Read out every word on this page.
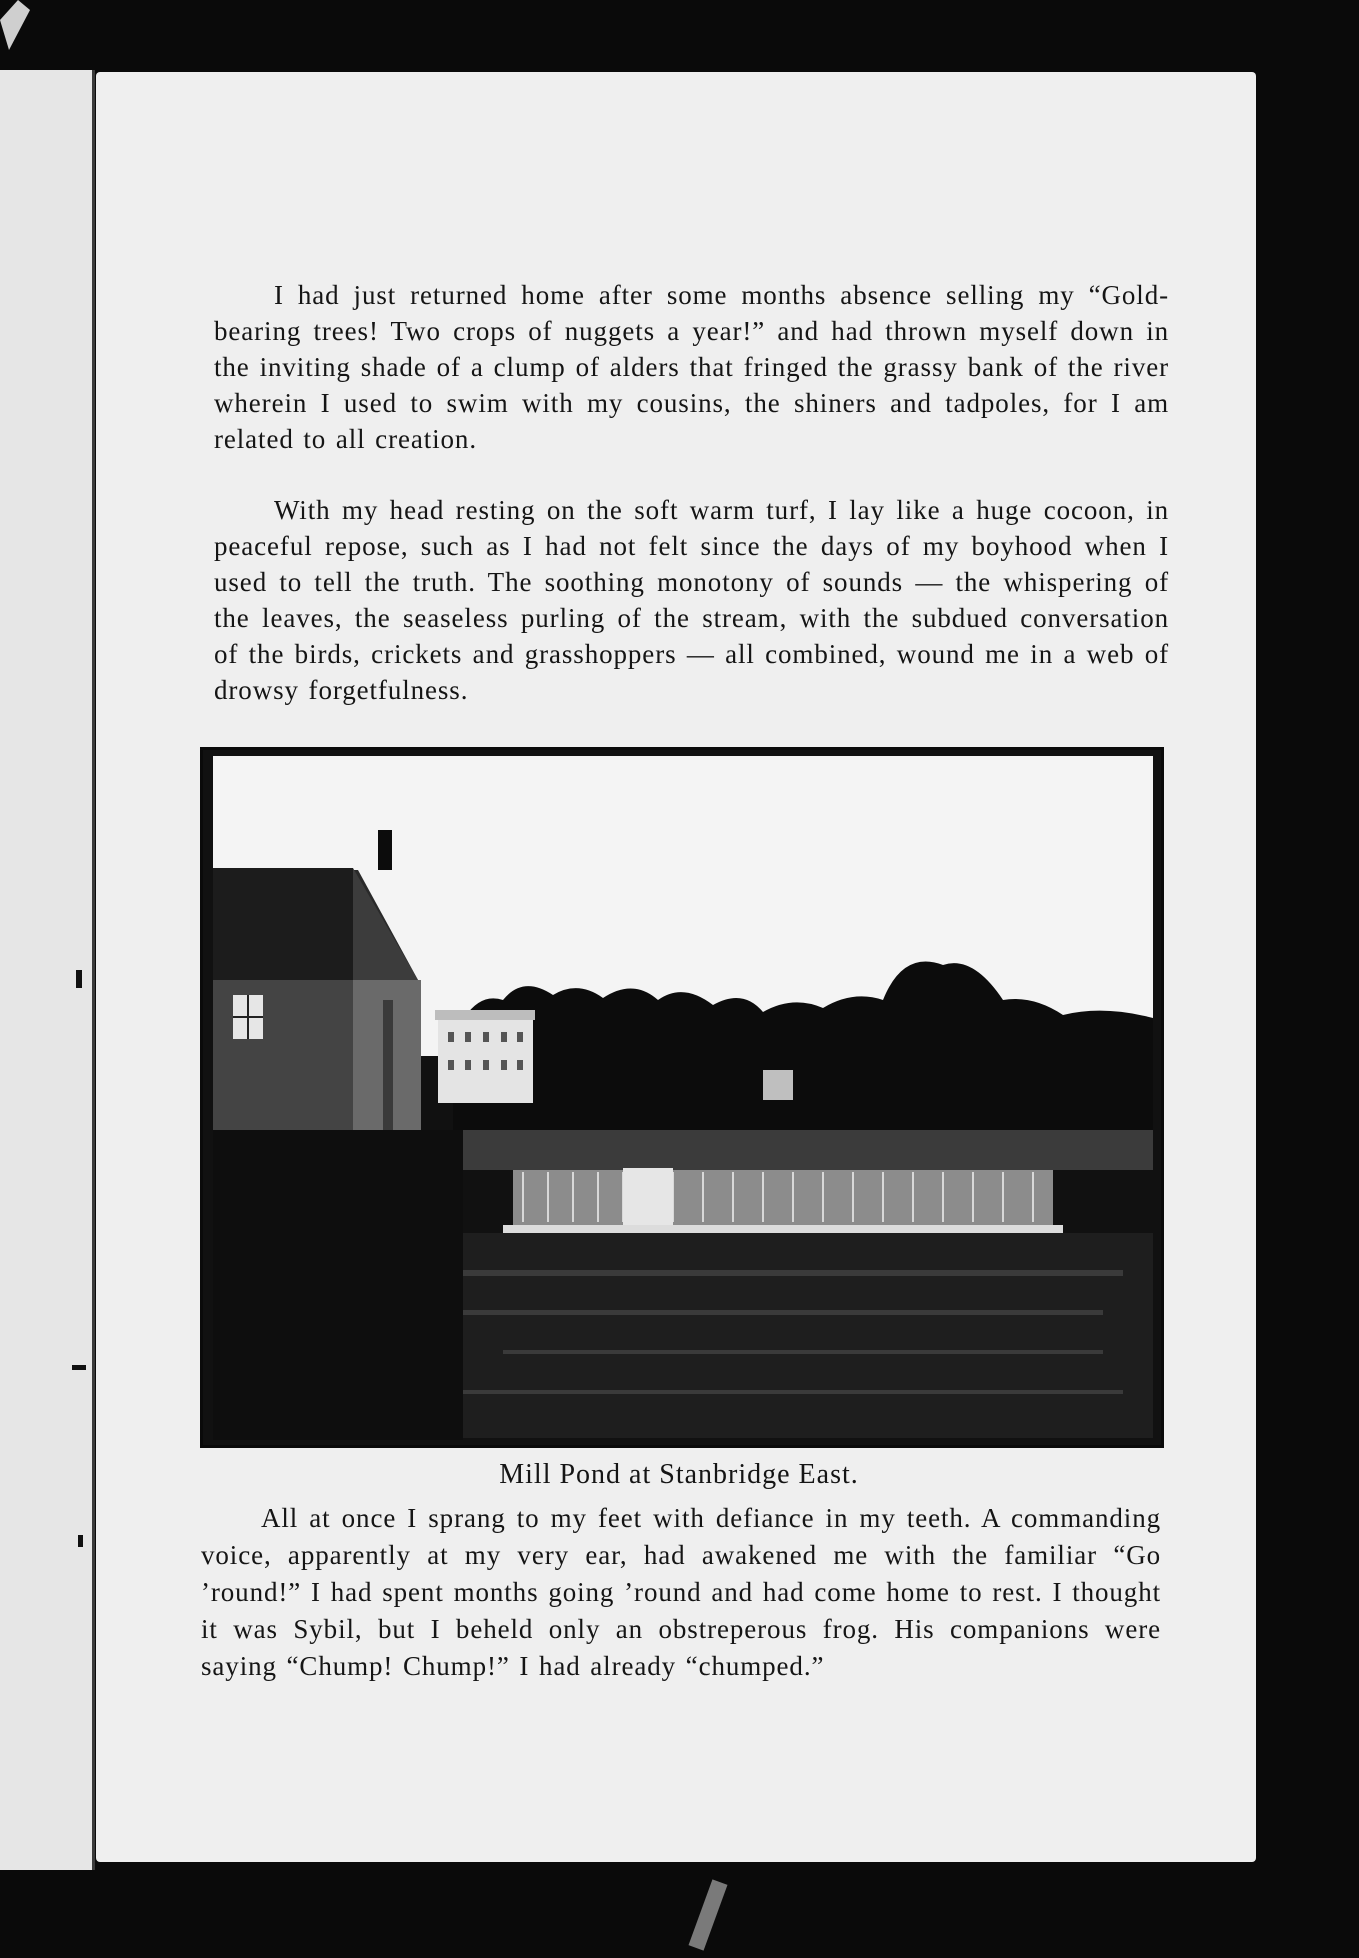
I had just returned home after some months absence selling my “Gold-bearing trees! Two crops of nuggets a year!” and had thrown myself down in the inviting shade of a clump of alders that fringed the grassy bank of the river wherein I used to swim with my cousins, the shiners and tadpoles, for I am related to all creation.

With my head resting on the soft warm turf, I lay like a huge cocoon, in peaceful repose, such as I had not felt since the days of my boyhood when I used to tell the truth. The soothing monotony of sounds — the whispering of the leaves, the seaseless purling of the stream, with the subdued conversation of the birds, crickets and grasshoppers — all combined, wound me in a web of drowsy forgetfulness.

Mill Pond at Stanbridge East.

All at once I sprang to my feet with defiance in my teeth. A commanding voice, apparently at my very ear, had awakened me with the familiar “Go ’round!” I had spent months going ’round and had come home to rest. I thought it was Sybil, but I beheld only an obstreperous frog. His companions were saying “Chump! Chump!” I had already “chumped.”
